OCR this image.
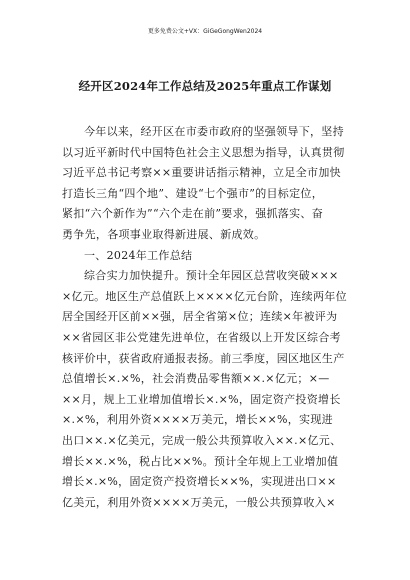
更多免费公文+VX：GiGeGongWen2024
经开区2024年工作总结及2025年重点工作谋划
今年以来，经开区在市委市政府的坚强领导下，坚持
以习近平新时代中国特色社会主义思想为指导，认真贯彻
习近平总书记考察××重要讲话指示精神，立足全市加快
打造长三角“四个地”、建设“七个强市”的目标定位，
紧扣“六个新作为”“六个走在前”要求，强抓落实、奋
勇争先，各项事业取得新进展、新成效。
一、2024年工作总结
综合实力加快提升。预计全年园区总营收突破×××
×亿元。地区生产总值跃上××××亿元台阶，连续两年位
居全国经开区前××强，居全省第×位；连续×年被评为
××省园区非公党建先进单位，在省级以上开发区综合考
核评价中，获省政府通报表扬。前三季度，园区地区生产
总值增长×.×%，社会消费品零售额××.×亿元；×—
××月，规上工业增加值增长×.×%，固定资产投资增长
×.×%，利用外资××××万美元，增长××%，实现进
出口××.×亿美元，完成一般公共预算收入××.×亿元、
增长××.×%，税占比××%。预计全年规上工业增加值
增长×.×%，固定资产投资增长××%，实现进出口××
亿美元，利用外资××××万美元，一般公共预算收入×
